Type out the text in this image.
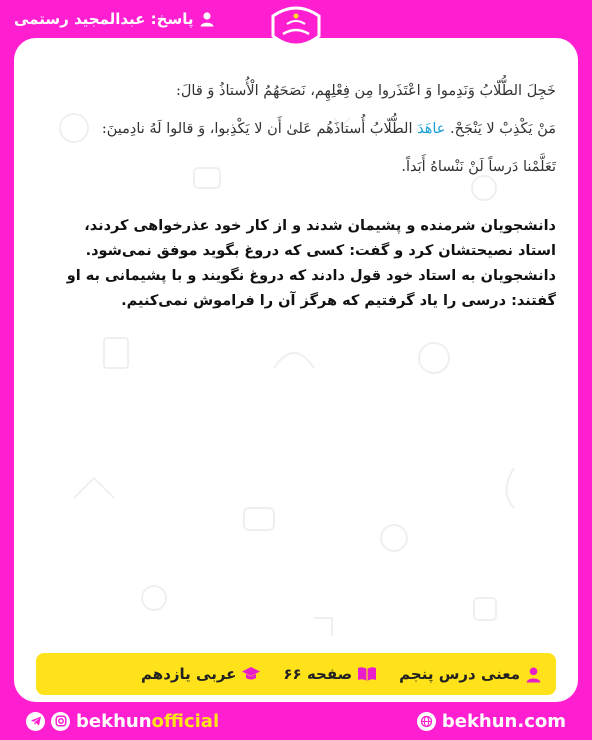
پاسخ: عبدالمجید رستمی

خَجِلَ الطُّلّابُ وَنَدِموا وَ اعْتَذَروا مِن فِعْلِهِم، نَصَحَهُمُ الْأُستاذُ وَ قالَ:

مَنْ يَكْذِبْ لا يَنْجَحْ. عاهَدَ الطُّلّابُ أُستاذَهُم عَلىٰ أَن لا يَكْذِبوا، وَ قالوا لَهُ نادِمينَ:

تَعَلَّمْنا دَرساً لَنْ نَنْساهُ أَبَداً.

دانشجویان شرمنده و پشیمان شدند و از کار خود عذرخواهی کردند،
استاد نصیحتشان کرد و گفت: کسی که دروغ بگوید موفق نمی‌شود.
دانشجویان به استاد خود قول دادند که دروغ نگویند و با پشیمانی به او
گفتند: درسی را یاد گرفتیم که هرگز آن را فراموش نمی‌کنیم.
معنی درس پنجم
صفحه ۶۶
عربی یازدهم
bekhunofficial	bekhun.com
